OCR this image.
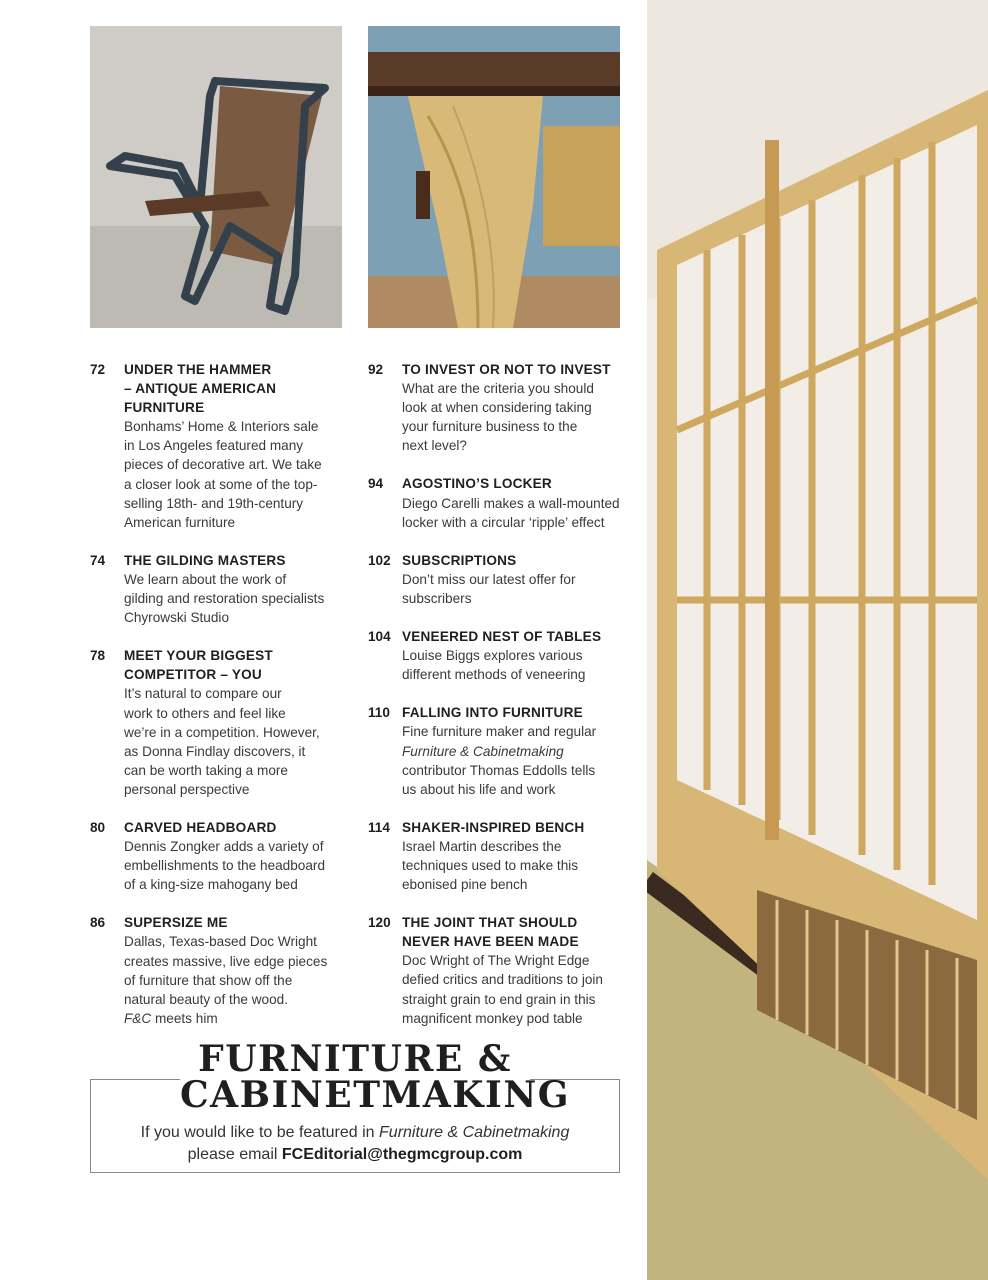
72 UNDER THE HAMMER
– ANTIQUE AMERICAN
FURNITURE
Bonhams’ Home & Interiors sale
in Los Angeles featured many
pieces of decorative art. We take
a closer look at some of the top-
selling 18th- and 19th-century
American furniture
74 THE GILDING MASTERS
We learn about the work of
gilding and restoration specialists
Chyrowski Studio
78 MEET YOUR BIGGEST
COMPETITOR – YOU
It’s natural to compare our
work to others and feel like
we’re in a competition. However,
as Donna Findlay discovers, it
can be worth taking a more
personal perspective
80 CARVED HEADBOARD
Dennis Zongker adds a variety of
embellishments to the headboard
of a king-size mahogany bed
86 SUPERSIZE ME
Dallas, Texas-based Doc Wright
creates massive, live edge pieces
of furniture that show off the
natural beauty of the wood.
F&C meets him
92 TO INVEST OR NOT TO INVEST
What are the criteria you should
look at when considering taking
your furniture business to the
next level?
94 AGOSTINO’S LOCKER
Diego Carelli makes a wall-mounted
locker with a circular ‘ripple’ effect
102 SUBSCRIPTIONS
Don’t miss our latest offer for
subscribers
104 VENEERED NEST OF TABLES
Louise Biggs explores various
different methods of veneering
110 FALLING INTO FURNITURE
Fine furniture maker and regular
Furniture & Cabinetmaking
contributor Thomas Eddolls tells
us about his life and work
114 SHAKER-INSPIRED BENCH
Israel Martin describes the
techniques used to make this
ebonised pine bench
120 THE JOINT THAT SHOULD
NEVER HAVE BEEN MADE
Doc Wright of The Wright Edge
defied critics and traditions to join
straight grain to end grain in this
magnificent monkey pod table
FURNITURE &
CABINETMAKING
If you would like to be featured in Furniture & Cabinetmaking
please email FCEditorial@thegmcgroup.com
